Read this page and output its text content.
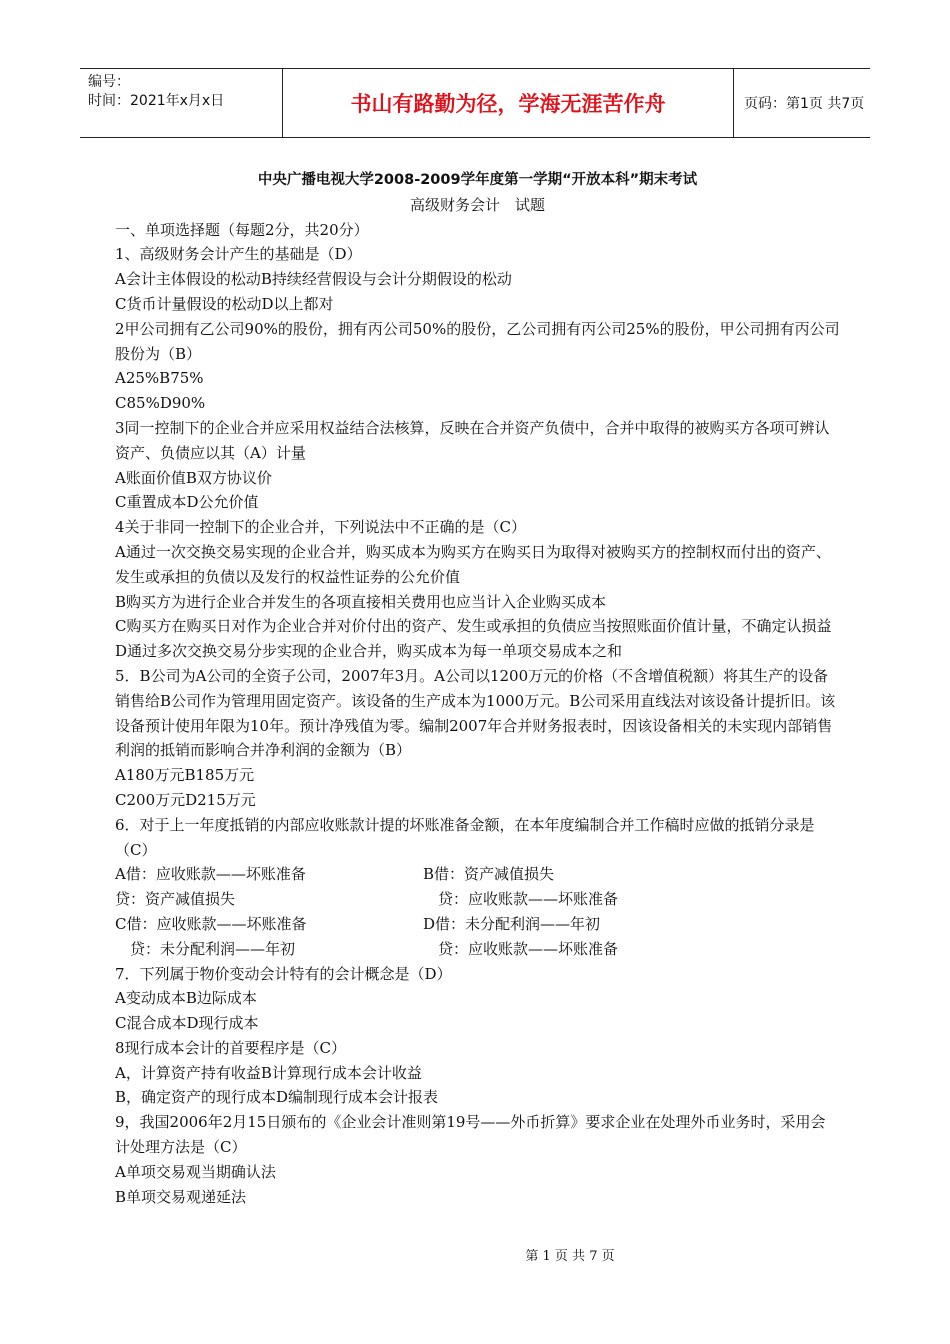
编号：
时间：2021年x月x日	书山有路勤为径，学海无涯苦作舟	页码：第1页 共7页

中央广播电视大学2008-2009学年度第一学期“开放本科”期末考试

高级财务会计　试题

一、单项选择题（每题2分，共20分）

1、高级财务会计产生的基础是（D）

A会计主体假设的松动B持续经营假设与会计分期假设的松动

C货币计量假设的松动D以上都对

2甲公司拥有乙公司90%的股份，拥有丙公司50%的股份，乙公司拥有丙公司25%的股份，甲公司拥有丙公司股份为（B）

A25%B75%

C85%D90%

3同一控制下的企业合并应采用权益结合法核算，反映在合并资产负债中，合并中取得的被购买方各项可辨认资产、负债应以其（A）计量

A账面价值B双方协议价

C重置成本D公允价值

4关于非同一控制下的企业合并，下列说法中不正确的是（C）

A通过一次交换交易实现的企业合并，购买成本为购买方在购买日为取得对被购买方的控制权而付出的资产、发生或承担的负债以及发行的权益性证券的公允价值

B购买方为进行企业合并发生的各项直接相关费用也应当计入企业购买成本

C购买方在购买日对作为企业合并对价付出的资产、发生或承担的负债应当按照账面价值计量，不确定认损益

D通过多次交换交易分步实现的企业合并，购买成本为每一单项交易成本之和

5．B公司为A公司的全资子公司，2007年3月。A公司以1200万元的价格（不含增值税额）将其生产的设备销售给B公司作为管理用固定资产。该设备的生产成本为1000万元。B公司采用直线法对该设备计提折旧。该设备预计使用年限为10年。预计净残值为零。编制2007年合并财务报表时，因该设备相关的未实现内部销售利润的抵销而影响合并净利润的金额为（B）

A180万元B185万元

C200万元D215万元

6．对于上一年度抵销的内部应收账款计提的坏账准备金额，在本年度编制合并工作稿时应做的抵销分录是（C）

A借：应收账款——坏账准备	B借：资产减值损失
贷：资产减值损失	　贷：应收账款——坏账准备
C借：应收账款——坏账准备	D借：未分配利润——年初
　贷：未分配利润——年初	　贷：应收账款——坏账准备

7．下列属于物价变动会计特有的会计概念是（D）

A变动成本B边际成本

C混合成本D现行成本

8现行成本会计的首要程序是（C）

A，计算资产持有收益B计算现行成本会计收益

B，确定资产的现行成本D编制现行成本会计报表

9，我国2006年2月15日颁布的《企业会计准则第19号——外币折算》要求企业在处理外币业务时，采用会计处理方法是（C）

A单项交易观当期确认法

B单项交易观递延法

第 1 页 共 7 页
